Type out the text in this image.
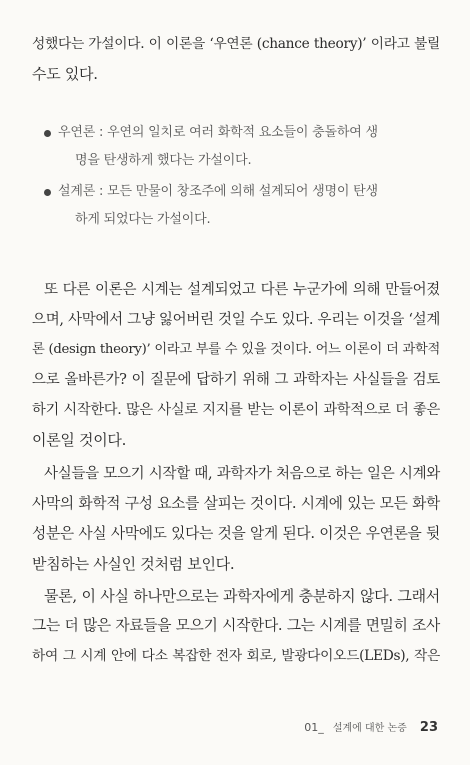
성했다는 가설이다. 이 이론을 ‘우연론 (chance theory)’ 이라고 불릴
수도 있다.
우연론 : 우연의 일치로 여러 화학적 요소들이 충돌하여 생
명을 탄생하게 했다는 가설이다.
설계론 : 모든 만물이 창조주에 의해 설계되어 생명이 탄생
하게 되었다는 가설이다.
또 다른 이론은 시계는 설계되었고 다른 누군가에 의해 만들어졌
으며, 사막에서 그냥 잃어버린 것일 수도 있다. 우리는 이것을 ‘설계
론 (design theory)’ 이라고 부를 수 있을 것이다. 어느 이론이 더 과학적
으로 올바른가? 이 질문에 답하기 위해 그 과학자는 사실들을 검토
하기 시작한다. 많은 사실로 지지를 받는 이론이 과학적으로 더 좋은
이론일 것이다.
사실들을 모으기 시작할 때, 과학자가 처음으로 하는 일은 시계와
사막의 화학적 구성 요소를 살피는 것이다. 시계에 있는 모든 화학
성분은 사실 사막에도 있다는 것을 알게 된다. 이것은 우연론을 뒷
받침하는 사실인 것처럼 보인다.
물론, 이 사실 하나만으로는 과학자에게 충분하지 않다. 그래서
그는 더 많은 자료들을 모으기 시작한다. 그는 시계를 면밀히 조사
하여 그 시계 안에 다소 복잡한 전자 회로, 발광다이오드(LEDs), 작은
01_ 설계에 대한 논증 23
